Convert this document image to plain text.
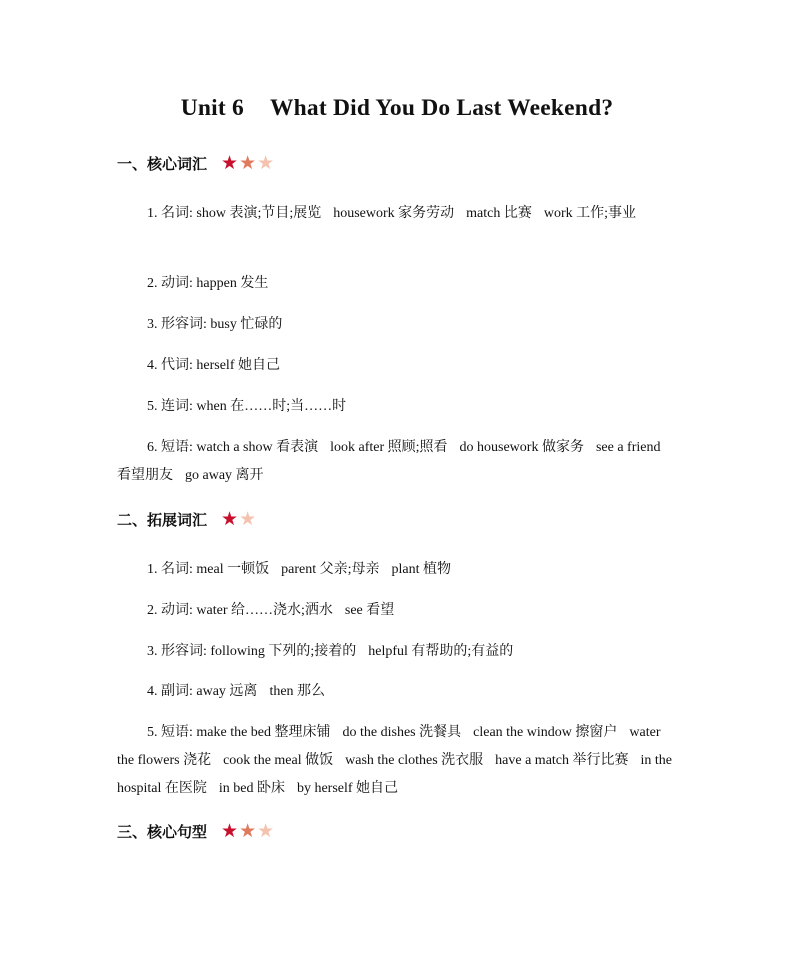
Unit 6 What Did You Do Last Weekend?
一、核心词汇 ★ ★ ★
1. 名词: show 表演;节目;展览 housework 家务劳动 match 比赛 work 工作;事业
2. 动词: happen 发生
3. 形容词: busy 忙碌的
4. 代词: herself 她自己
5. 连词: when 在……时;当……时
6. 短语: watch a show 看表演 look after 照顾;照看 do housework 做家务 see a friend 看望朋友 go away 离开
二、拓展词汇 ★ ★
1. 名词: meal 一顿饭 parent 父亲;母亲 plant 植物
2. 动词: water 给……浇水;洒水 see 看望
3. 形容词: following 下列的;接着的 helpful 有帮助的;有益的
4. 副词: away 远离 then 那么
5. 短语: make the bed 整理床铺 do the dishes 洗餐具 clean the window 擦窗户 water the flowers 浇花 cook the meal 做饭 wash the clothes 洗衣服 have a match 举行比赛 in the hospital 在医院 in bed 卧床 by herself 她自己
三、核心句型 ★ ★ ★
